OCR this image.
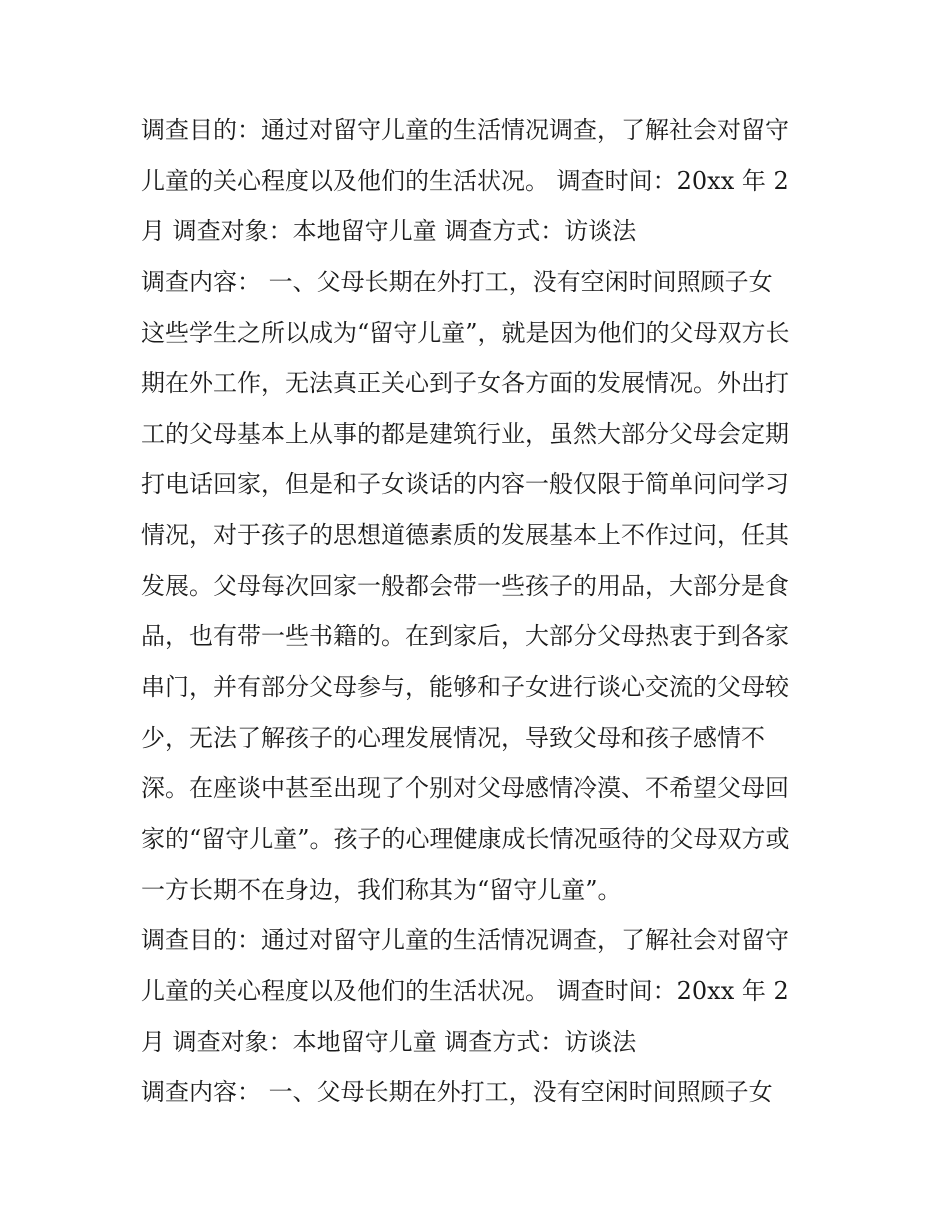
调查目的：通过对留守儿童的生活情况调查，了解社会对留守
儿童的关心程度以及他们的生活状况。 调查时间：20xx 年 2
月 调查对象：本地留守儿童 调查方式：访谈法
调查内容： 一、父母长期在外打工，没有空闲时间照顾子女
这些学生之所以成为“留守儿童”，就是因为他们的父母双方长
期在外工作，无法真正关心到子女各方面的发展情况。外出打
工的父母基本上从事的都是建筑行业，虽然大部分父母会定期
打电话回家，但是和子女谈话的内容一般仅限于简单问问学习
情况，对于孩子的思想道德素质的发展基本上不作过问，任其
发展。父母每次回家一般都会带一些孩子的用品，大部分是食
品，也有带一些书籍的。在到家后，大部分父母热衷于到各家
串门，并有部分父母参与，能够和子女进行谈心交流的父母较
少，无法了解孩子的心理发展情况，导致父母和孩子感情不
深。在座谈中甚至出现了个别对父母感情冷漠、不希望父母回
家的“留守儿童”。孩子的心理健康成长情况亟待的父母双方或
一方长期不在身边，我们称其为“留守儿童”。
调查目的：通过对留守儿童的生活情况调查，了解社会对留守
儿童的关心程度以及他们的生活状况。 调查时间：20xx 年 2
月 调查对象：本地留守儿童 调查方式：访谈法
调查内容： 一、父母长期在外打工，没有空闲时间照顾子女
